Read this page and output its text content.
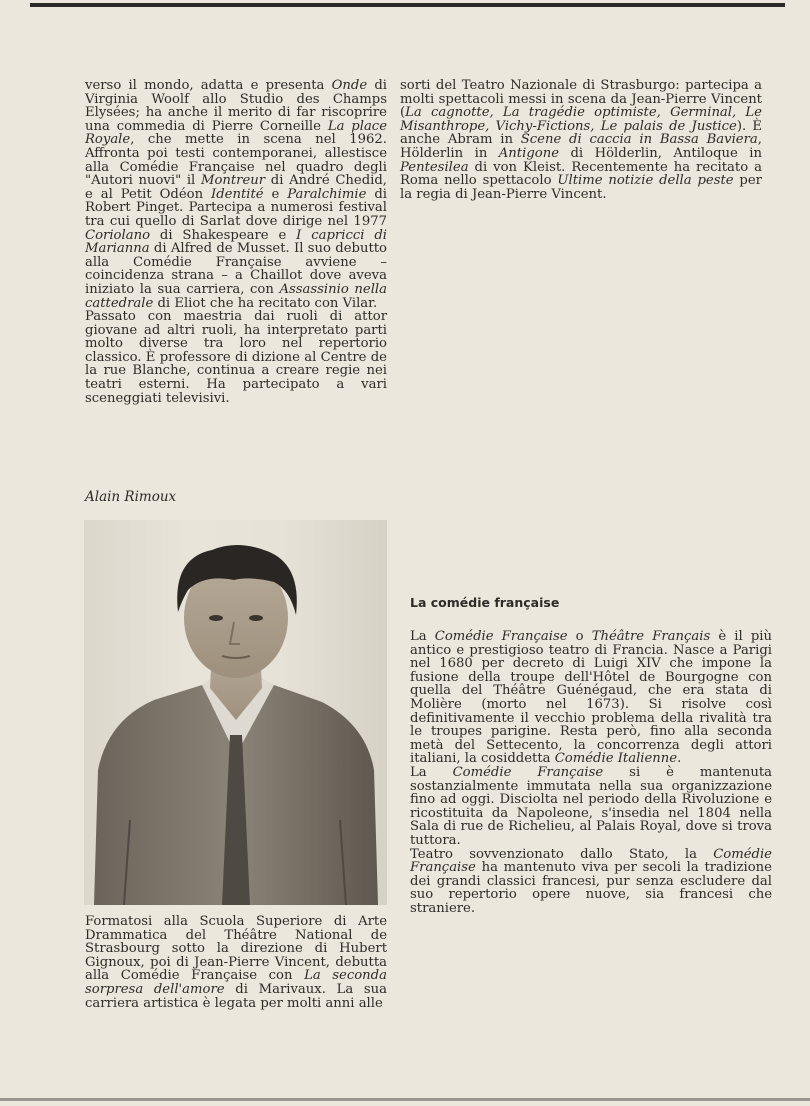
verso il mondo, adatta e presenta Onde di Virginia Woolf allo Studio des Champs Elysées; ha anche il merito di far riscoprire una commedia di Pierre Corneille La place Royale, che mette in scena nel 1962. Affronta poi testi contemporanei, allestisce alla Comédie Française nel quadro degli "Autori nuovi" il Montreur di André Chedid, e al Petit Odéon Identité e Paralchimie di Robert Pinget. Partecipa a numerosi festival tra cui quello di Sarlat dove dirige nel 1977 Coriolano di Shakespeare e I capricci di Marianna di Alfred de Musset. Il suo debutto alla Comédie Française avviene – coincidenza strana – a Chaillot dove aveva iniziato la sua carriera, con Assassinio nella cattedrale di Eliot che ha recitato con Vilar.

Passato con maestria dai ruoli di attor giovane ad altri ruoli, ha interpretato parti molto diverse tra loro nel repertorio classico. È professore di dizione al Centre de la rue Blanche, continua a creare regie nei teatri esterni. Ha partecipato a vari sceneggiati televisivi.

sorti del Teatro Nazionale di Strasburgo: partecipa a molti spettacoli messi in scena da Jean-Pierre Vincent (La cagnotte, La tragédie optimiste, Germinal, Le Misanthrope, Vichy-Fictions, Le palais de Justice). È anche Abram in Scene di caccia in Bassa Baviera, Hölderlin in Antigone di Hölderlin, Antiloque in Pentesilea di von Kleist. Recentemente ha recitato a Roma nello spettacolo Ultime notizie della peste per la regia di Jean-Pierre Vincent.

Alain Rimoux

Formatosi alla Scuola Superiore di Arte Drammatica del Théâtre National de Strasbourg sotto la direzione di Hubert Gignoux, poi di Jean-Pierre Vincent, debutta alla Comédie Française con La seconda sorpresa dell'amore di Marivaux. La sua carriera artistica è legata per molti anni alle

La comédie française

La Comédie Française o Théâtre Français è il più antico e prestigioso teatro di Francia. Nasce a Parigi nel 1680 per decreto di Luigi XIV che impone la fusione della troupe dell'Hôtel de Bourgogne con quella del Théâtre Guénégaud, che era stata di Molière (morto nel 1673). Si risolve così definitivamente il vecchio problema della rivalità tra le troupes parigine. Resta però, fino alla seconda metà del Settecento, la concorrenza degli attori italiani, la cosiddetta Comédie Italienne.

La Comédie Française si è mantenuta sostanzialmente immutata nella sua organizzazione fino ad oggi. Disciolta nel periodo della Rivoluzione e ricostituita da Napoleone, s'insedia nel 1804 nella Sala di rue de Richelieu, al Palais Royal, dove si trova tuttora.

Teatro sovvenzionato dallo Stato, la Comédie Française ha mantenuto viva per secoli la tradizione dei grandi classici francesi, pur senza escludere dal suo repertorio opere nuove, sia francesi che straniere.
